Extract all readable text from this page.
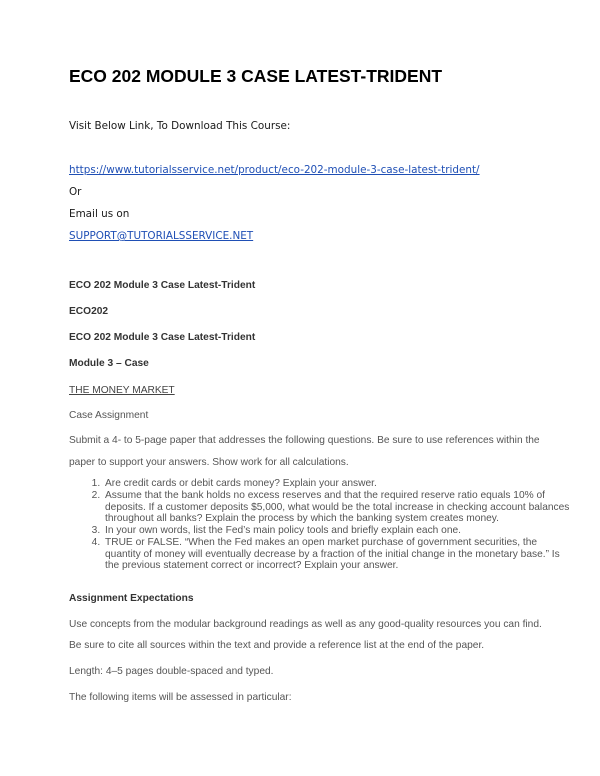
ECO 202 MODULE 3 CASE LATEST-TRIDENT
Visit Below Link, To Download This Course:
https://www.tutorialsservice.net/product/eco-202-module-3-case-latest-trident/
Or
Email us on
SUPPORT@TUTORIALSSERVICE.NET
ECO 202 Module 3 Case Latest-Trident
ECO202
ECO 202 Module 3 Case Latest-Trident
Module 3 – Case
THE MONEY MARKET
Case Assignment
Submit a 4- to 5-page paper that addresses the following questions. Be sure to use references within the
paper to support your answers. Show work for all calculations.
1. Are credit cards or debit cards money? Explain your answer.
2. Assume that the bank holds no excess reserves and that the required reserve ratio equals 10% of deposits. If a customer deposits $5,000, what would be the total increase in checking account balances throughout all banks? Explain the process by which the banking system creates money.
3. In your own words, list the Fed’s main policy tools and briefly explain each one.
4. TRUE or FALSE. “When the Fed makes an open market purchase of government securities, the quantity of money will eventually decrease by a fraction of the initial change in the monetary base.” Is the previous statement correct or incorrect? Explain your answer.
Assignment Expectations
Use concepts from the modular background readings as well as any good-quality resources you can find.
Be sure to cite all sources within the text and provide a reference list at the end of the paper.
Length: 4–5 pages double-spaced and typed.
The following items will be assessed in particular:
